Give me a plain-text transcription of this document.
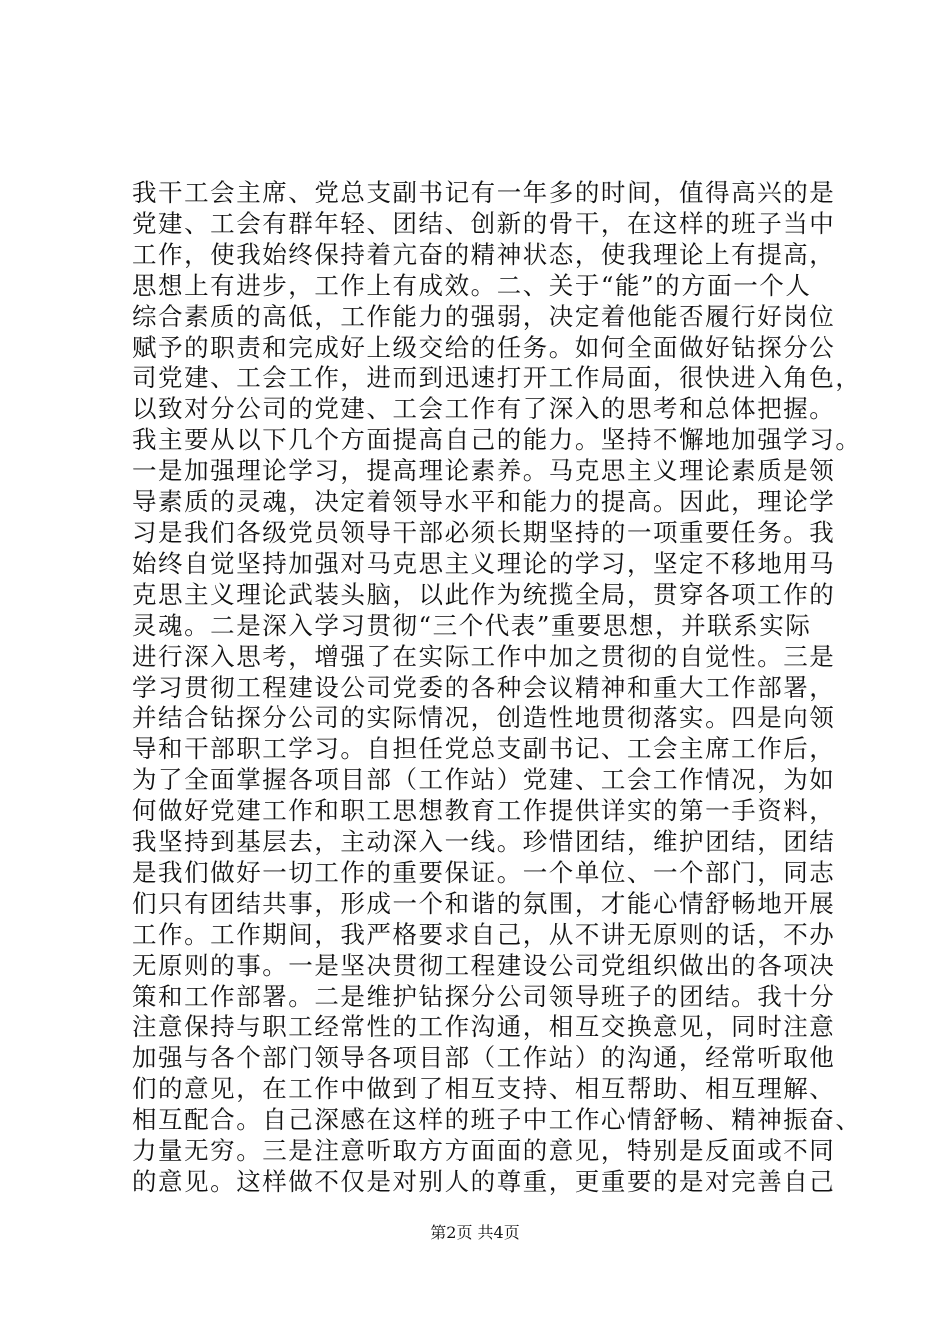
我干工会主席、党总支副书记有一年多的时间，值得高兴的是
党建、工会有群年轻、团结、创新的骨干，在这样的班子当中
工作，使我始终保持着亢奋的精神状态，使我理论上有提高，
思想上有进步，工作上有成效。二、关于“能”的方面一个人
综合素质的高低，工作能力的强弱，决定着他能否履行好岗位
赋予的职责和完成好上级交给的任务。如何全面做好钻探分公
司党建、工会工作，进而到迅速打开工作局面，很快进入角色，
以致对分公司的党建、工会工作有了深入的思考和总体把握。
我主要从以下几个方面提高自己的能力。坚持不懈地加强学习。
一是加强理论学习，提高理论素养。马克思主义理论素质是领
导素质的灵魂，决定着领导水平和能力的提高。因此，理论学
习是我们各级党员领导干部必须长期坚持的一项重要任务。我
始终自觉坚持加强对马克思主义理论的学习，坚定不移地用马
克思主义理论武装头脑，以此作为统揽全局，贯穿各项工作的
灵魂。二是深入学习贯彻“三个代表”重要思想，并联系实际
进行深入思考，增强了在实际工作中加之贯彻的自觉性。三是
学习贯彻工程建设公司党委的各种会议精神和重大工作部署，
并结合钻探分公司的实际情况，创造性地贯彻落实。四是向领
导和干部职工学习。自担任党总支副书记、工会主席工作后，
为了全面掌握各项目部（工作站）党建、工会工作情况，为如
何做好党建工作和职工思想教育工作提供详实的第一手资料，
我坚持到基层去，主动深入一线。珍惜团结，维护团结，团结
是我们做好一切工作的重要保证。一个单位、一个部门，同志
们只有团结共事，形成一个和谐的氛围，才能心情舒畅地开展
工作。工作期间，我严格要求自己，从不讲无原则的话，不办
无原则的事。一是坚决贯彻工程建设公司党组织做出的各项决
策和工作部署。二是维护钻探分公司领导班子的团结。我十分
注意保持与职工经常性的工作沟通，相互交换意见，同时注意
加强与各个部门领导各项目部（工作站）的沟通，经常听取他
们的意见，在工作中做到了相互支持、相互帮助、相互理解、
相互配合。自己深感在这样的班子中工作心情舒畅、精神振奋、
力量无穷。三是注意听取方方面面的意见，特别是反面或不同
的意见。这样做不仅是对别人的尊重，更重要的是对完善自己
第2页 共4页
